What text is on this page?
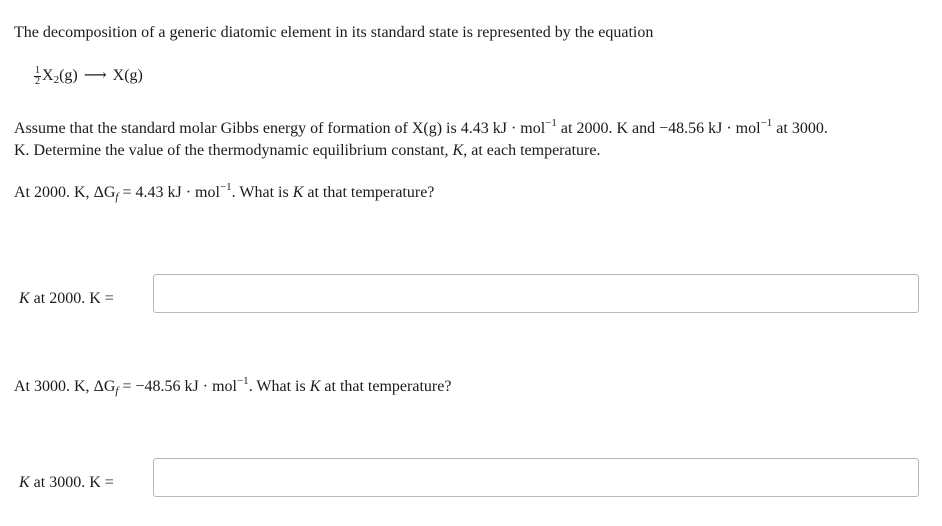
The decomposition of a generic diatomic element in its standard state is represented by the equation
$\frac{1}{2} X_2(g)$ ⟶ X(g)
Assume that the standard molar Gibbs energy of formation of X(g) is 4.43 kJ · mol$^{-1}$ at 2000. K and −48.56 kJ · mol$^{-1}$ at 3000.
K. Determine the value of the thermodynamic equilibrium constant, K, at each temperature.
At 2000. K, $\Delta G_f = 4.43$ kJ · mol$^{-1}$. What is K at that temperature?
K at 2000. K =
At 3000. K, $\Delta G_f = -48.56$ kJ · mol$^{-1}$. What is K at that temperature?
K at 3000. K =
